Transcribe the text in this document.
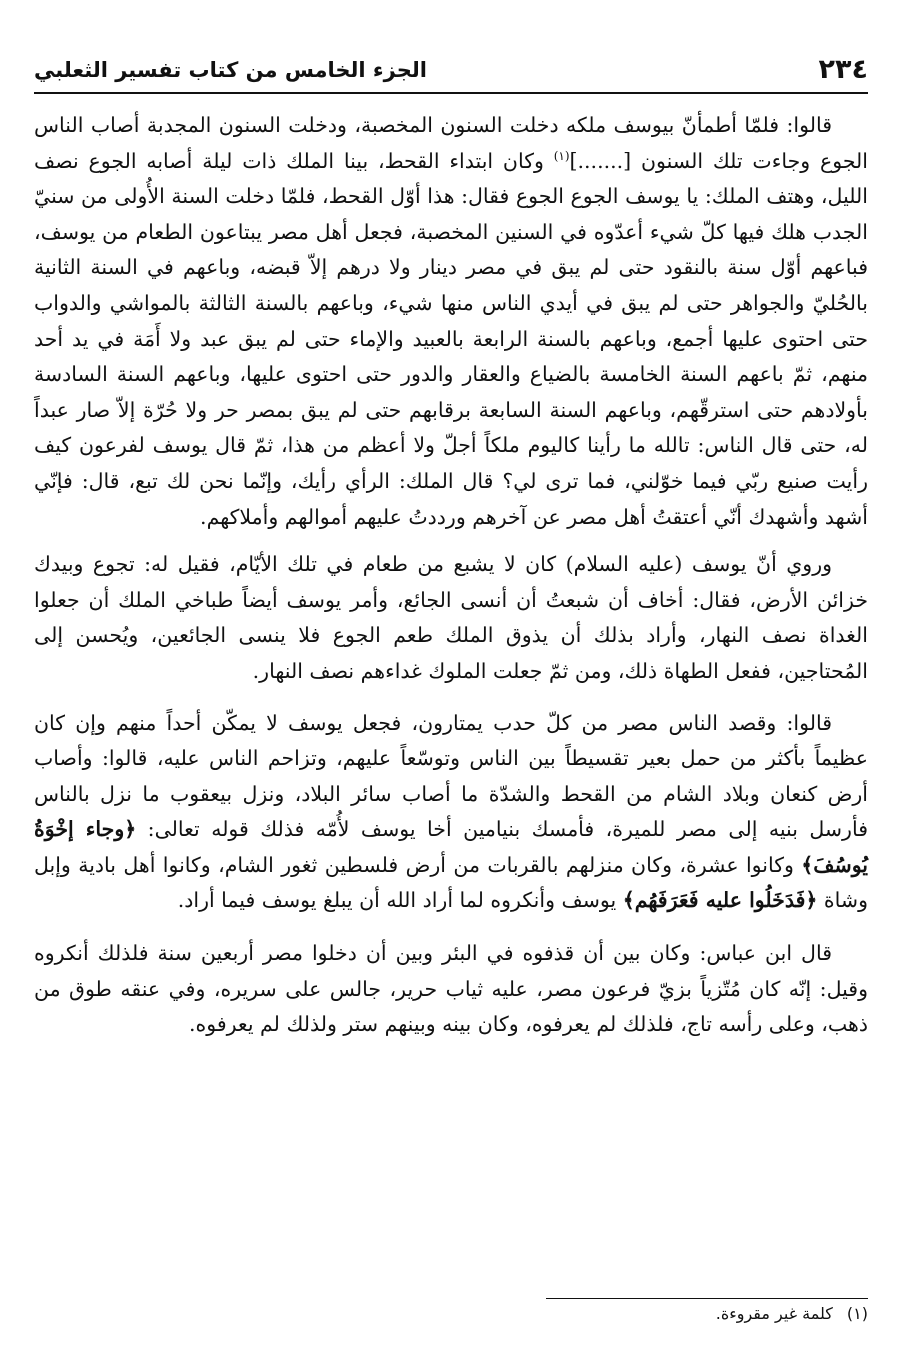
٢٣٤
الجزء الخامس من كتاب تفسير الثعلبي

قالوا: فلمّا أطمأنّ بيوسف ملكه دخلت السنون المخصبة، ودخلت السنون المجدبة أصاب الناس الجوع وجاءت تلك السنون [.......]$^{(١)}$ وكان ابتداء القحط، بينا الملك ذات ليلة أصابه الجوع نصف الليل، وهتف الملك: يا يوسف الجوع الجوع فقال: هذا أوّل القحط، فلمّا دخلت السنة الأُولى من سنيّ الجدب هلك فيها كلّ شيء أعدّوه في السنين المخصبة، فجعل أهل مصر يبتاعون الطعام من يوسف، فباعهم أوّل سنة بالنقود حتى لم يبق في مصر دينار ولا درهم إلاّ قبضه، وباعهم في السنة الثانية بالحُليّ والجواهر حتى لم يبق في أيدي الناس منها شيء، وباعهم بالسنة الثالثة بالمواشي والدواب حتى احتوى عليها أجمع، وباعهم بالسنة الرابعة بالعبيد والإماء حتى لم يبق عبد ولا أَمَة في يد أحد منهم، ثمّ باعهم السنة الخامسة بالضياع والعقار والدور حتى احتوى عليها، وباعهم السنة السادسة بأولادهم حتى استرقّهم، وباعهم السنة السابعة برقابهم حتى لم يبق بمصر حر ولا حُرّة إلاّ صار عبداً له، حتى قال الناس: تالله ما رأينا كاليوم ملكاً أجلّ ولا أعظم من هذا، ثمّ قال يوسف لفرعون كيف رأيت صنيع ربّي فيما خوّلني، فما ترى لي؟ قال الملك: الرأي رأيك، وإنّما نحن لك تبع، قال: فإنّي أشهد وأشهدك أنّي أعتقتُ أهل مصر عن آخرهم ورددتُ عليهم أموالهم وأملاكهم.

وروي أنّ يوسف (عليه السلام) كان لا يشبع من طعام في تلك الأيّام، فقيل له: تجوع وبيدك خزائن الأرض، فقال: أخاف أن شبعتُ أن أنسى الجائع، وأمر يوسف أيضاً طباخي الملك أن جعلوا الغداة نصف النهار، وأراد بذلك أن يذوق الملك طعم الجوع فلا ينسى الجائعين، ويُحسن إلى المُحتاجين، ففعل الطهاة ذلك، ومن ثمّ جعلت الملوك غداءهم نصف النهار.

قالوا: وقصد الناس مصر من كلّ حدب يمتارون، فجعل يوسف لا يمكّن أحداً منهم وإن كان عظيماً بأكثر من حمل بعير تقسيطاً بين الناس وتوسّعاً عليهم، وتزاحم الناس عليه، قالوا: وأصاب أرض كنعان وبلاد الشام من القحط والشدّة ما أصاب سائر البلاد، ونزل بيعقوب ما نزل بالناس فأرسل بنيه إلى مصر للميرة، فأمسك بنيامين أخا يوسف لأُمّه فذلك قوله تعالى: ﴿وجاء إخْوَةُ يُوسُفَ﴾ وكانوا عشرة، وكان منزلهم بالقربات من أرض فلسطين ثغور الشام، وكانوا أهل بادية وإبل وشاة ﴿فَدَخَلُوا عليه فَعَرَفَهُم﴾ يوسف وأنكروه لما أراد الله أن يبلغ يوسف فيما أراد.

قال ابن عباس: وكان بين أن قذفوه في البئر وبين أن دخلوا مصر أربعين سنة فلذلك أنكروه وقيل: إنّه كان مُتّزياً بزيّ فرعون مصر، عليه ثياب حرير، جالس على سريره، وفي عنقه طوق من ذهب، وعلى رأسه تاج، فلذلك لم يعرفوه، وكان بينه وبينهم ستر ولذلك لم يعرفوه.

(١)كلمة غير مقروءة.
